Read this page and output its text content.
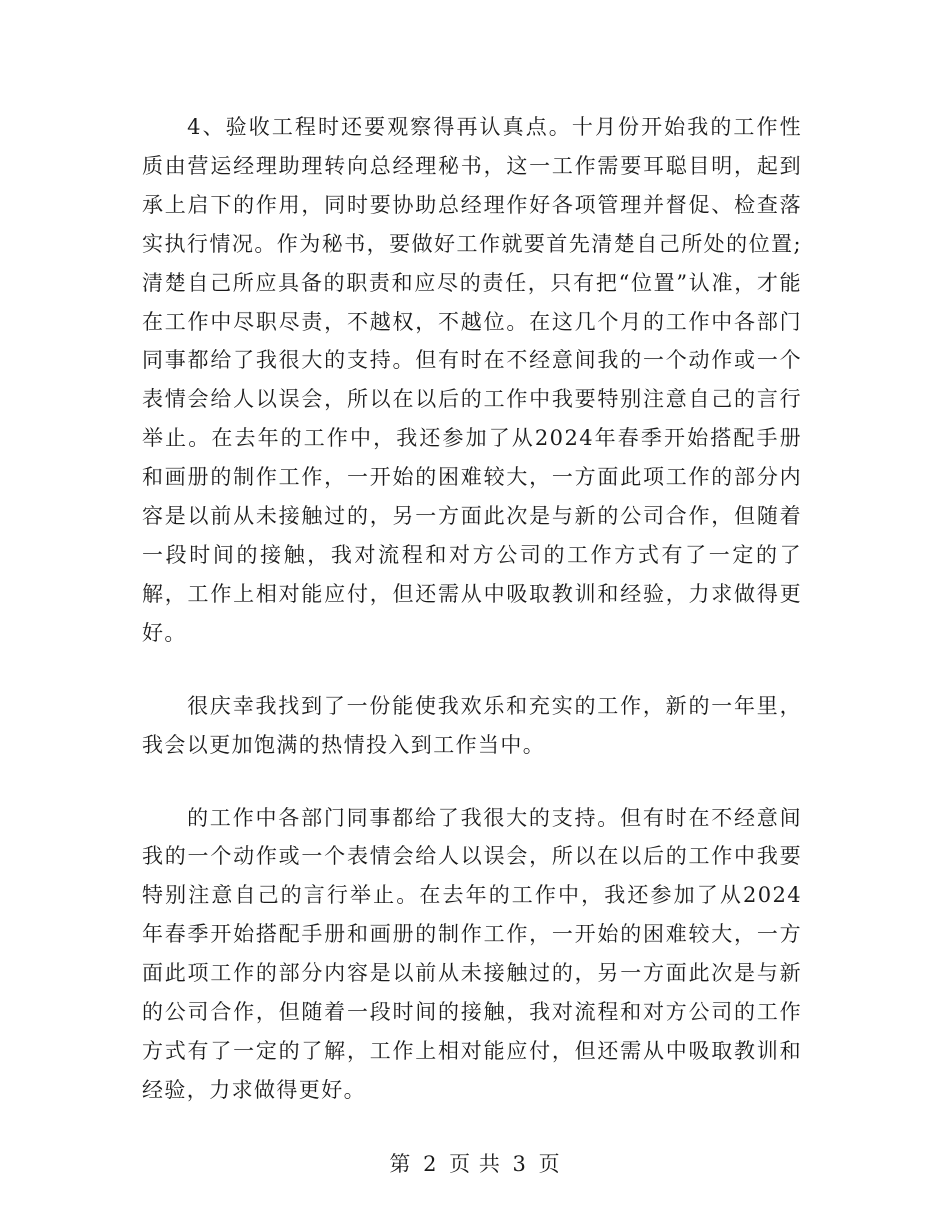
4、验收工程时还要观察得再认真点。十月份开始我的工作性质由营运经理助理转向总经理秘书，这一工作需要耳聪目明，起到承上启下的作用，同时要协助总经理作好各项管理并督促、检查落实执行情况。作为秘书，要做好工作就要首先清楚自己所处的位置;清楚自己所应具备的职责和应尽的责任，只有把“位置”认准，才能在工作中尽职尽责，不越权，不越位。在这几个月的工作中各部门同事都给了我很大的支持。但有时在不经意间我的一个动作或一个表情会给人以误会，所以在以后的工作中我要特别注意自己的言行举止。在去年的工作中，我还参加了从2024年春季开始搭配手册和画册的制作工作，一开始的困难较大，一方面此项工作的部分内容是以前从未接触过的，另一方面此次是与新的公司合作，但随着一段时间的接触，我对流程和对方公司的工作方式有了一定的了解，工作上相对能应付，但还需从中吸取教训和经验，力求做得更好。

很庆幸我找到了一份能使我欢乐和充实的工作，新的一年里，我会以更加饱满的热情投入到工作当中。

的工作中各部门同事都给了我很大的支持。但有时在不经意间我的一个动作或一个表情会给人以误会，所以在以后的工作中我要特别注意自己的言行举止。在去年的工作中，我还参加了从2024年春季开始搭配手册和画册的制作工作，一开始的困难较大，一方面此项工作的部分内容是以前从未接触过的，另一方面此次是与新的公司合作，但随着一段时间的接触，我对流程和对方公司的工作方式有了一定的了解，工作上相对能应付，但还需从中吸取教训和经验，力求做得更好。

第 2 页 共 3 页
